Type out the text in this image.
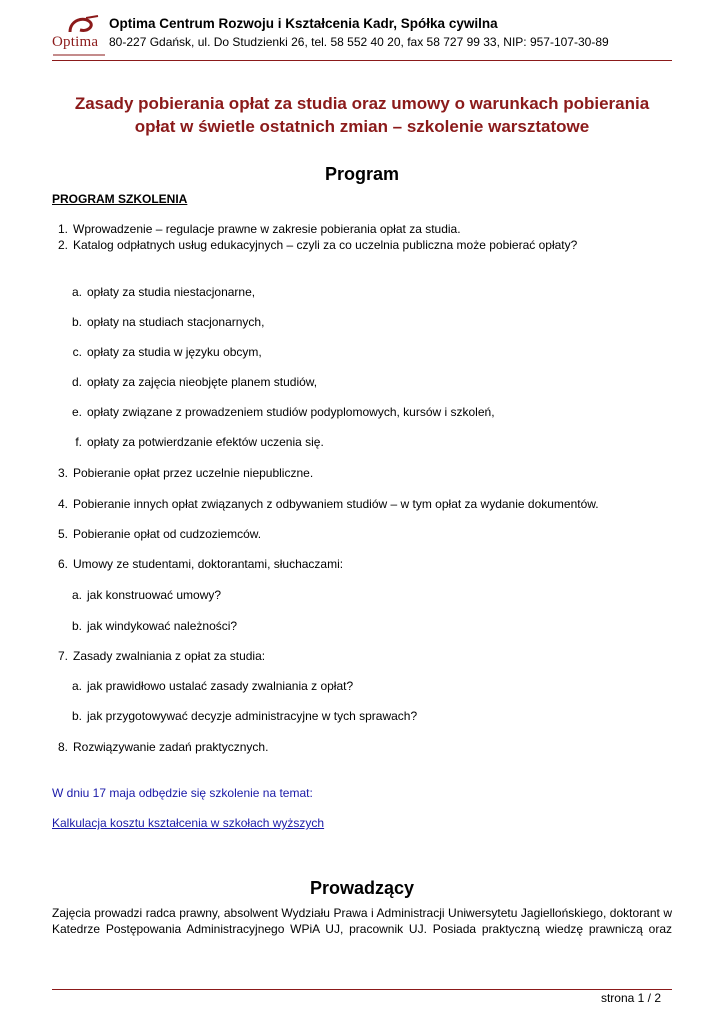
Optima
Optima Centrum Rozwoju i Kształcenia Kadr, Spółka cywilna
80-227 Gdańsk, ul. Do Studzienki 26, tel. 58 552 40 20, fax 58 727 99 33, NIP: 957-107-30-89
Zasady pobierania opłat za studia oraz umowy o warunkach pobierania
opłat w świetle ostatnich zmian – szkolenie warsztatowe
Program
PROGRAM SZKOLENIA
1. Wprowadzenie – regulacje prawne w zakresie pobierania opłat za studia.
2. Katalog odpłatnych usług edukacyjnych – czyli za co uczelnia publiczna może pobierać opłaty?
a. opłaty za studia niestacjonarne,
b. opłaty na studiach stacjonarnych,
c. opłaty za studia w języku obcym,
d. opłaty za zajęcia nieobjęte planem studiów,
e. opłaty związane z prowadzeniem studiów podyplomowych, kursów i szkoleń,
f. opłaty za potwierdzanie efektów uczenia się.
3. Pobieranie opłat przez uczelnie niepubliczne.
4. Pobieranie innych opłat związanych z odbywaniem studiów – w tym opłat za wydanie dokumentów.
5. Pobieranie opłat od cudzoziemców.
6. Umowy ze studentami, doktorantami, słuchaczami:
a. jak konstruować umowy?
b. jak windykować należności?
7. Zasady zwalniania z opłat za studia:
a. jak prawidłowo ustalać zasady zwalniania z opłat?
b. jak przygotowywać decyzje administracyjne w tych sprawach?
8. Rozwiązywanie zadań praktycznych.
W dniu 17 maja odbędzie się szkolenie na temat:
Kalkulacja kosztu kształcenia w szkołach wyższych
Prowadzący

Zajęcia prowadzi radca prawny, absolwent Wydziału Prawa i Administracji Uniwersytetu Jagiellońskiego, doktorant w Katedrze Postępowania Administracyjnego WPiA UJ, pracownik UJ. Posiada praktyczną wiedzę prawniczą oraz

strona 1 / 2
